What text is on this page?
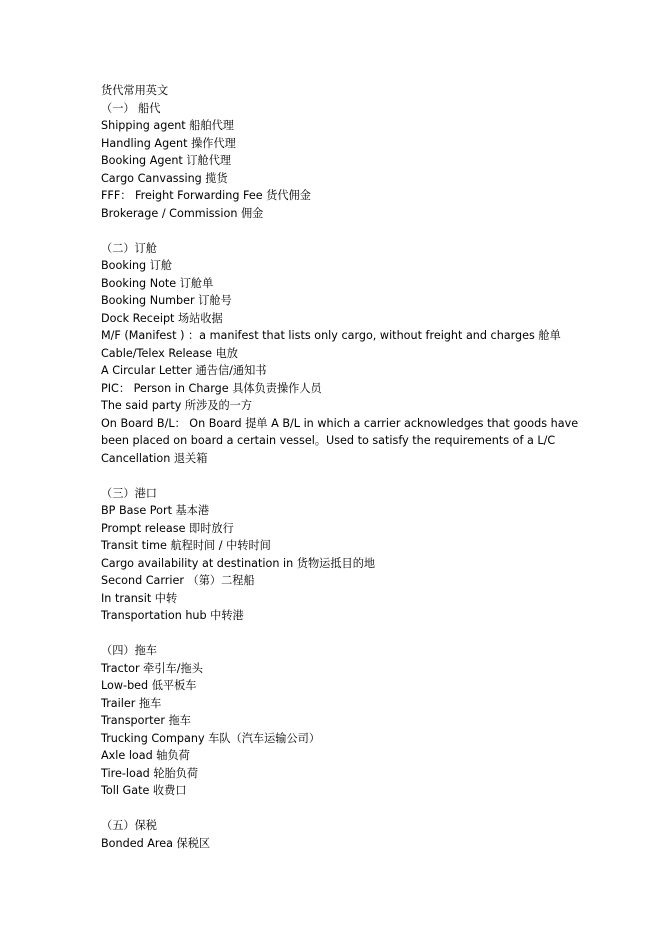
货代常用英文
（一） 船代
Shipping agent 船舶代理
Handling Agent 操作代理
Booking Agent 订舱代理
Cargo Canvassing 揽货
FFF： Freight Forwarding Fee 货代佣金
Brokerage / Commission 佣金
（二）订舱
Booking 订舱
Booking Note 订舱单
Booking Number 订舱号
Dock Receipt 场站收据
M/F (Manifest ) ：a manifest that lists only cargo, without freight and charges 舱单
Cable/Telex Release 电放
A Circular Letter 通告信/通知书
PIC： Person in Charge 具体负责操作人员
The said party 所涉及的一方
On Board B/L： On Board 提单 A B/L in which a carrier acknowledges that goods have been placed on board a certain vessel。Used to satisfy the requirements of a L/C
Cancellation 退关箱
（三）港口
BP Base Port 基本港
Prompt release 即时放行
Transit time 航程时间 / 中转时间
Cargo availability at destination in 货物运抵目的地
Second Carrier （第）二程船
In transit 中转
Transportation hub 中转港
（四）拖车
Tractor 牵引车/拖头
Low-bed 低平板车
Trailer 拖车
Transporter 拖车
Trucking Company 车队（汽车运输公司）
Axle load 轴负荷
Tire-load 轮胎负荷
Toll Gate 收费口
（五）保税
Bonded Area 保税区
